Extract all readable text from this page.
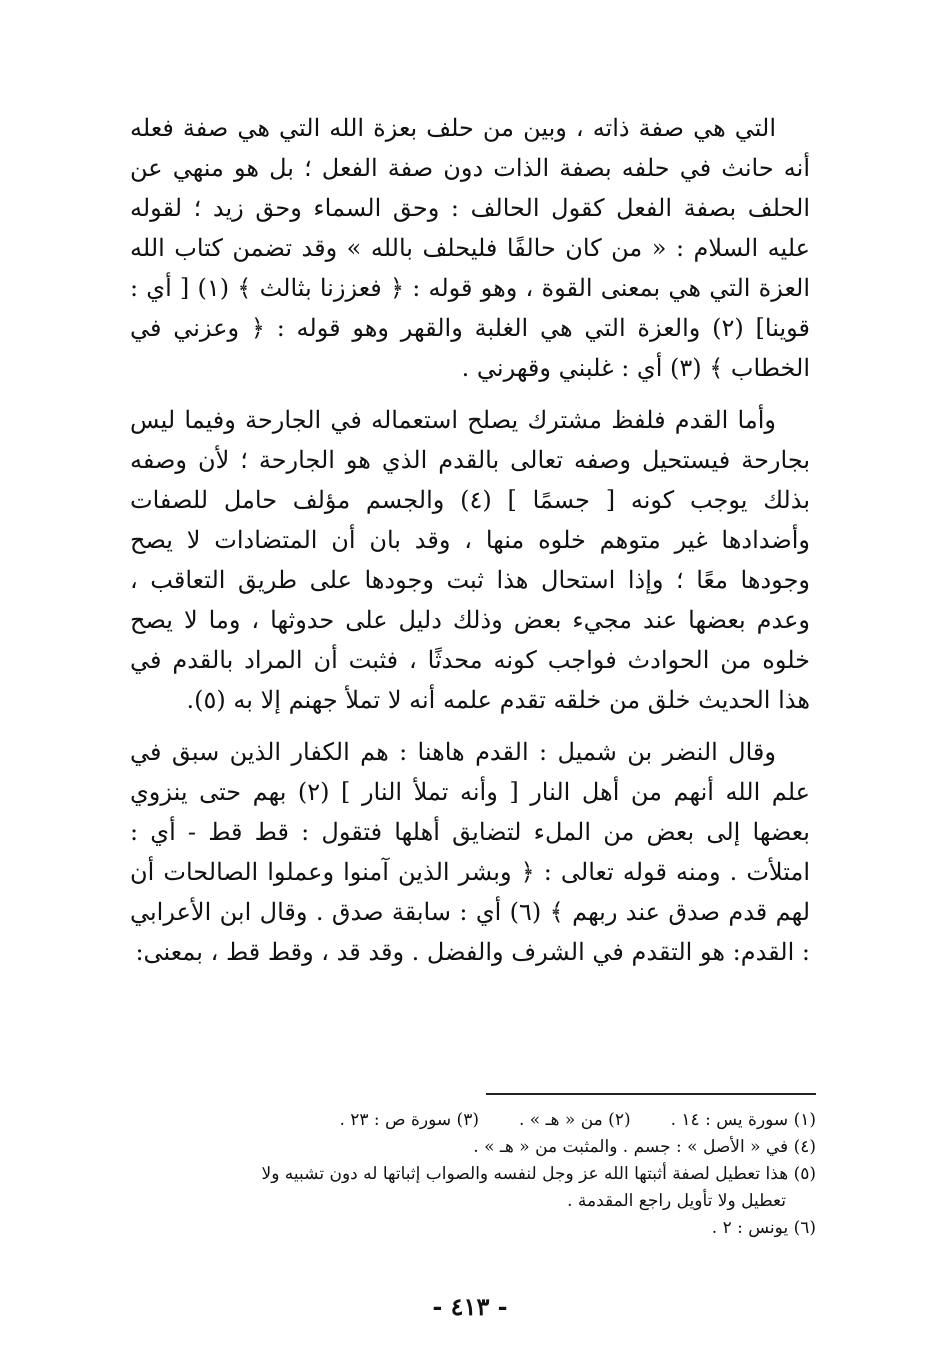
التي هي صفة ذاته ، وبين من حلف بعزة الله التي هي صفة فعله أنه حانث في حلفه بصفة الذات دون صفة الفعل ؛ بل هو منهي عن الحلف بصفة الفعل كقول الحالف : وحق السماء وحق زيد ؛ لقوله عليه السلام : « من كان حالفًا فليحلف بالله » وقد تضمن كتاب الله العزة التي هي بمعنى القوة ، وهو قوله : ﴿ فعززنا بثالث ﴾ (١) [ أي : قوينا] (٢) والعزة التي هي الغلبة والقهر وهو قوله : ﴿ وعزني في الخطاب ﴾ (٣) أي : غلبني وقهرني .

وأما القدم فلفظ مشترك يصلح استعماله في الجارحة وفيما ليس بجارحة فيستحيل وصفه تعالى بالقدم الذي هو الجارحة ؛ لأن وصفه بذلك يوجب كونه [ جسمًا ] (٤) والجسم مؤلف حامل للصفات وأضدادها غير متوهم خلوه منها ، وقد بان أن المتضادات لا يصح وجودها معًا ؛ وإذا استحال هذا ثبت وجودها على طريق التعاقب ، وعدم بعضها عند مجيء بعض وذلك دليل على حدوثها ، وما لا يصح خلوه من الحوادث فواجب كونه محدثًا ، فثبت أن المراد بالقدم في هذا الحديث خلق من خلقه تقدم علمه أنه لا تملأ جهنم إلا به (٥).

وقال النضر بن شميل : القدم هاهنا : هم الكفار الذين سبق في علم الله أنهم من أهل النار [ وأنه تملأ النار ] (٢) بهم حتى ينزوي بعضها إلى بعض من الملء لتضايق أهلها فتقول : قط قط - أي : امتلأت . ومنه قوله تعالى : ﴿ وبشر الذين آمنوا وعملوا الصالحات أن لهم قدم صدق عند ربهم ﴾ (٦) أي : سابقة صدق . وقال ابن الأعرابي : القدم: هو التقدم في الشرف والفضل . وقد قد ، وقط قط ، بمعنى:

(١) سورة يس : ١٤ .
(٢) من « هـ » .
(٣) سورة ص : ٢٣ .
(٤) في « الأصل » : جسم . والمثبت من « هـ » .
(٥) هذا تعطيل لصفة أثبتها الله عز وجل لنفسه والصواب إثباتها له دون تشبيه ولا
تعطيل ولا تأويل راجع المقدمة .
(٦) يونس : ٢ .
- ٤١٣ -
